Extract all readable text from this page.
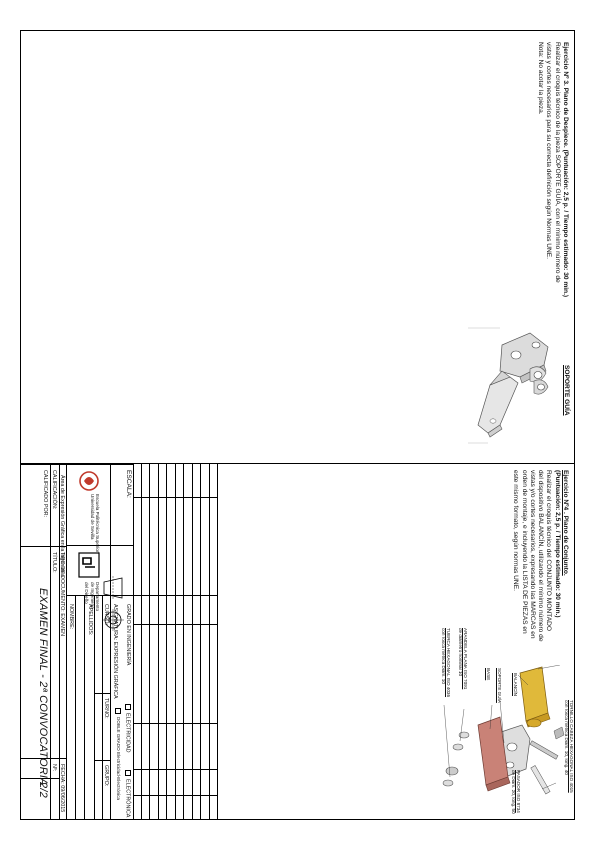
Ejercicio Nº 3. Plano de Despiece. (Puntuación: 2,5 p. / Tiempo estimado: 30 min.)
Realizar el croquis técnico de la pieza SOPORTE GUÍA, con el mínimo número de
vistas y cortes necesarios para su correcta definición según Normas UNE.
Nota: No acotar la pieza.
SOPORTE GUÍA
Ejercicio Nº4 . Plano de Conjunto.
(Puntuación: 2,5 p. / Tiempo estimado: 30 min.)
Realizar el croquis técnico del CONJUNTO MONTADO
del dispositivo BALANCÍN, utilizando el mínimo número de
vistas y/o cortes necesarios, expresando las MARCAS en
orden de montaje, e incluyendo la LISTA DE PIEZAS en
este mismo formato, según normas UNE.
TORNILLO CABEZA HEXAGONAL ISO 4015
con rosca métrica Diám. 10, long. 40
BALANCÍN
BASE SOPORTE GUÍA
ARANDELA PLANA ISO 7091
de diámetro nominal 10
TUERCA HEXAGONAL ISO 4036
con rosca métrica Diám. 10
PASADOR ISO 8734
de Diám. 20, long. 50
ESCALA:
GRADO EN INGENIERÍA
ELECTRICIDAD
ELECTRÓNICA
DOBLE GRADO Electricidad-Electrónica
ASIGNATURA: EXPRESIÓN GRÁFICA
CURSO:
TURNO:
GRUPO:
APELLIDOS:
NOMBRE:
Escuela Politécnica Superior
Universidad de Sevilla
Departamento
de Ingeniería
del Diseño
Área de Expresión Gráfica en la Ingeniería
CALIFICACIÓN:
CALIFICADO POR:
TIPO DE DOCUMENTO: EXAMEN
TÍTULO:
EXAMEN FINAL - 2ª CONVOCATORIA
FECHA: 09/06/2015
Nº:
2/2
